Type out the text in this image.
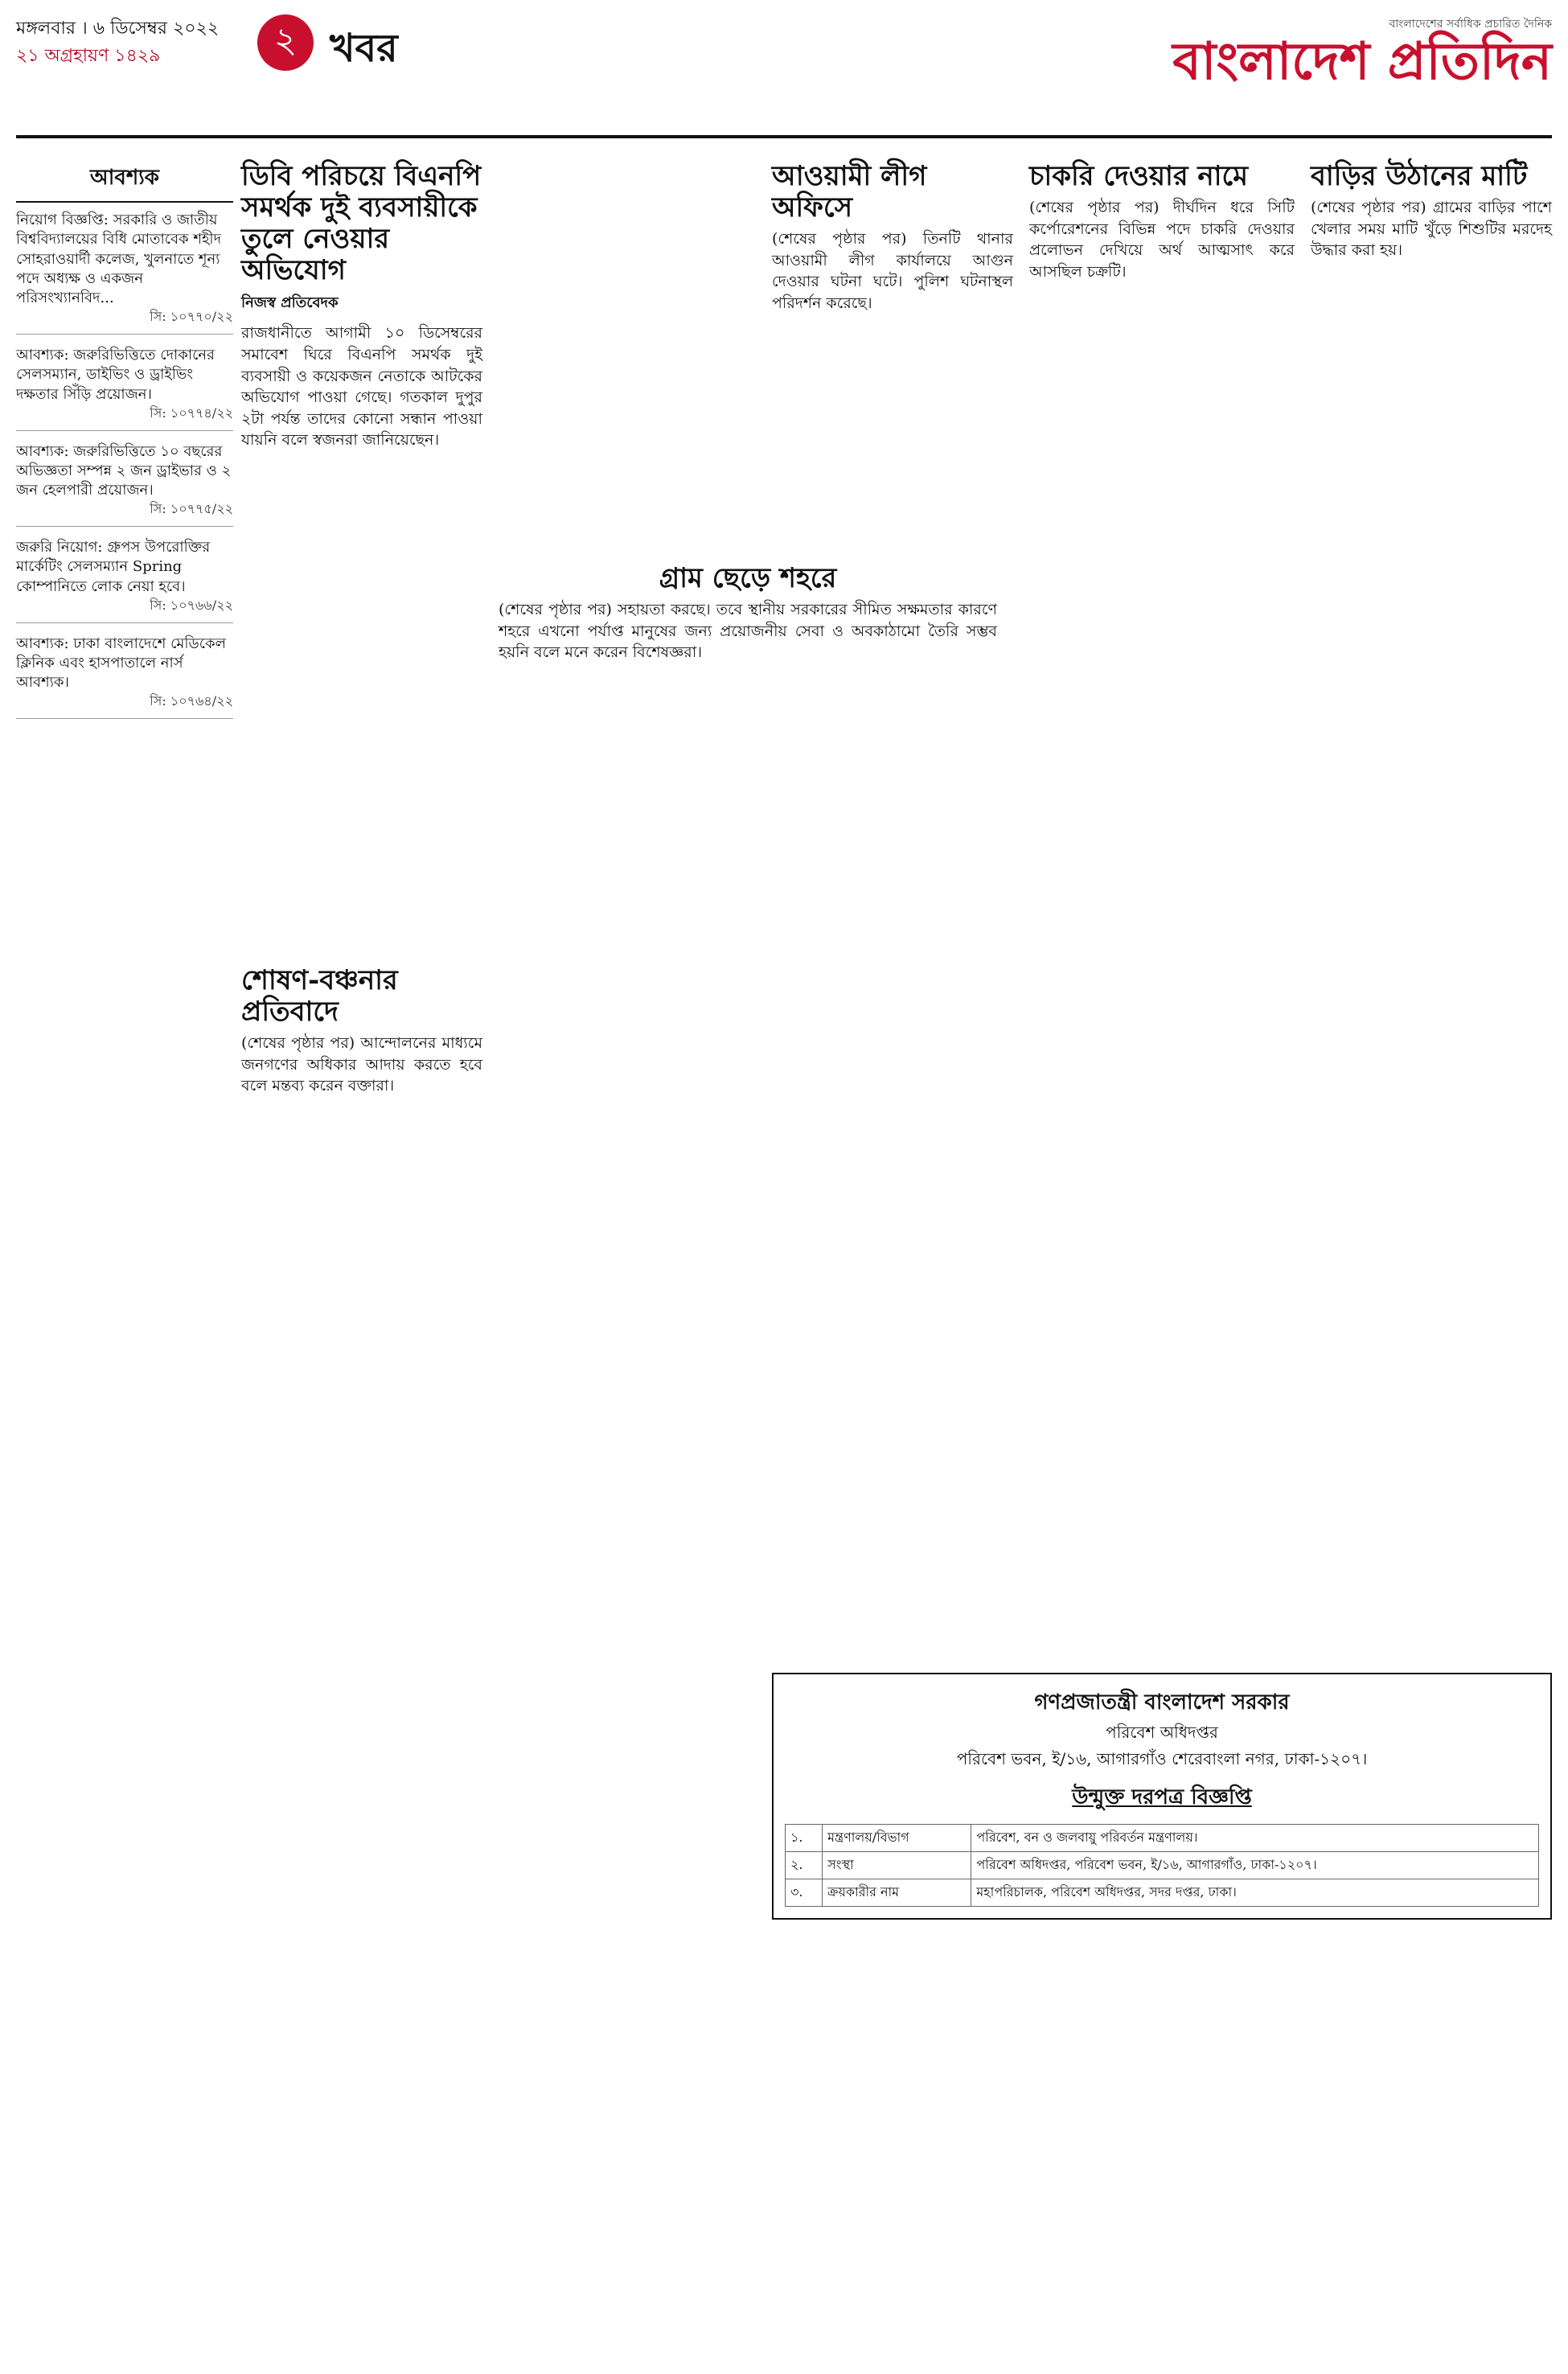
মঙ্গলবার । ৬ ডিসেম্বর ২০২২
২১ অগ্রহায়ণ ১৪২৯	২ খবর
বাংলাদেশের সর্বাধিক প্রচারিত দৈনিক
বাংলাদেশ প্রতিদিন
আবশ্যক
নিয়োগ বিজ্ঞপ্তি: সরকারি ও জাতীয় বিশ্ববিদ্যালয়ের বিধি মোতাবেক শহীদ সোহরাওয়ার্দী কলেজ, খুলনাতে শূন্য পদে অধ্যক্ষ ও একজন পরিসংখ্যানবিদ...
সি: ১০৭৭০/২২
আবশ্যক: জরুরিভিত্তিতে দোকানের সেলসম্যান, ডাইভিং ও ড্রাইভিং দক্ষতার সিঁড়ি প্রয়োজন।
সি: ১০৭৭৪/২২
আবশ্যক: জরুরিভিত্তিতে ১০ বছরের অভিজ্ঞতা সম্পন্ন ২ জন ড্রাইভার ও ২ জন হেলপারী প্রয়োজন।
সি: ১০৭৭৫/২২
জরুরি নিয়োগ: গ্রুপস উপরোক্তির মার্কেটিং সেলসম্যান Spring কোম্পানিতে লোক নেয়া হবে।
সি: ১০৭৬৬/২২
আবশ্যক: ঢাকা বাংলাদেশে মেডিকেল ক্লিনিক এবং হাসপাতালে নার্স আবশ্যক।
সি: ১০৭৬৪/২২
ডিবি পরিচয়ে বিএনপি সমর্থক দুই ব্যবসায়ীকে তুলে নেওয়ার অভিযোগ
নিজস্ব প্রতিবেদক

রাজধানীতে আগামী ১০ ডিসেম্বরের সমাবেশ ঘিরে বিএনপি সমর্থক দুই ব্যবসায়ী ও কয়েকজন নেতাকে আটকের অভিযোগ পাওয়া গেছে। গতকাল দুপুর ২টা পর্যন্ত তাদের কোনো সন্ধান পাওয়া যায়নি বলে স্বজনরা জানিয়েছেন।

গ্রাম ছেড়ে শহরে

(শেষের পৃষ্ঠার পর) সহায়তা করছে। তবে স্থানীয় সরকারের সীমিত সক্ষমতার কারণে শহরে এখনো পর্যাপ্ত মানুষের জন্য প্রয়োজনীয় সেবা ও অবকাঠামো তৈরি সম্ভব হয়নি বলে মনে করেন বিশেষজ্ঞরা।

শোষণ-বঞ্চনার প্রতিবাদে

(শেষের পৃষ্ঠার পর) আন্দোলনের মাধ্যমে জনগণের অধিকার আদায় করতে হবে বলে মন্তব্য করেন বক্তারা।

আওয়ামী লীগ অফিসে

(শেষের পৃষ্ঠার পর) তিনটি থানার আওয়ামী লীগ কার্যালয়ে আগুন দেওয়ার ঘটনা ঘটে। পুলিশ ঘটনাস্থল পরিদর্শন করেছে।

চাকরি দেওয়ার নামে

(শেষের পৃষ্ঠার পর) দীর্ঘদিন ধরে সিটি কর্পোরেশনের বিভিন্ন পদে চাকরি দেওয়ার প্রলোভন দেখিয়ে অর্থ আত্মসাৎ করে আসছিল চক্রটি।

বাড়ির উঠানের মাটি

(শেষের পৃষ্ঠার পর) গ্রামের বাড়ির পাশে খেলার সময় মাটি খুঁড়ে শিশুটির মরদেহ উদ্ধার করা হয়।

গণপ্রজাতন্ত্রী বাংলাদেশ সরকার
পরিবেশ অধিদপ্তর
পরিবেশ ভবন, ই/১৬, আগারগাঁও শেরেবাংলা নগর, ঢাকা-১২০৭।
উন্মুক্ত দরপত্র বিজ্ঞপ্তি
১.	মন্ত্রণালয়/বিভাগ	পরিবেশ, বন ও জলবায়ু পরিবর্তন মন্ত্রণালয়।
২.	সংস্থা	পরিবেশ অধিদপ্তর, পরিবেশ ভবন, ই/১৬, আগারগাঁও, ঢাকা-১২০৭।
৩.	ক্রয়কারীর নাম	মহাপরিচালক, পরিবেশ অধিদপ্তর, সদর দপ্তর, ঢাকা।
